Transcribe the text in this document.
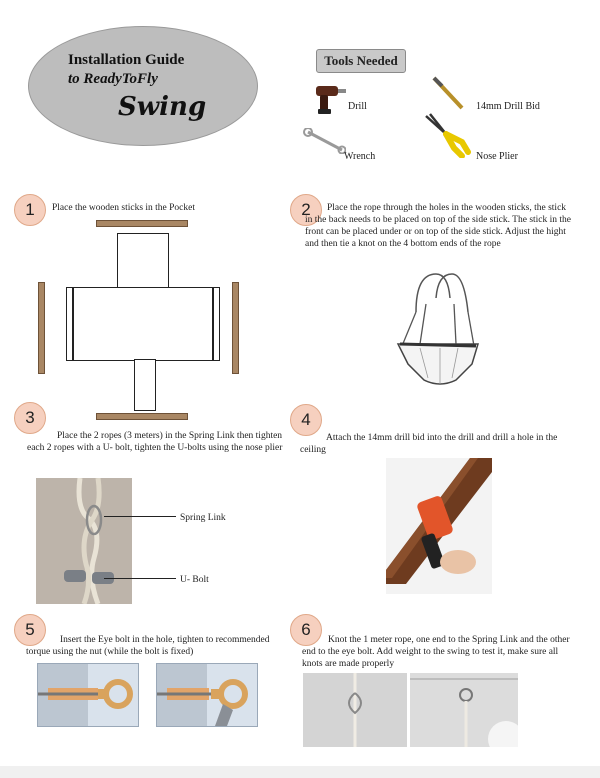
Installation Guide
to ReadyToFly
Swing
Tools Needed
Drill	14mm Drill Bid
Wrench	Nose Plier
1	Place the wooden sticks in the Pocket	2	Place the rope through the holes in the wooden sticks, the stick in the back needs to be placed on top of the side stick. The stick in the front can be placed under or on top of the side stick. Adjust the hight and then tie a knot on the 4 bottom ends of the rope
3
Place the 2 ropes (3 meters) in the Spring Link then tighten each 2 ropes with a U- bolt, tighten the U-bolts using the nose plier
Spring Link
U- Bolt
4
Attach the 14mm drill bid into the drill and drill a hole in the ceiling
5
Insert the Eye bolt in the hole, tighten to recommended torque using the nut (while the bolt is fixed)
6
Knot the 1 meter rope, one end to the Spring Link and the other end to the eye bolt. Add weight to the swing to test it, make sure all knots are made properly
